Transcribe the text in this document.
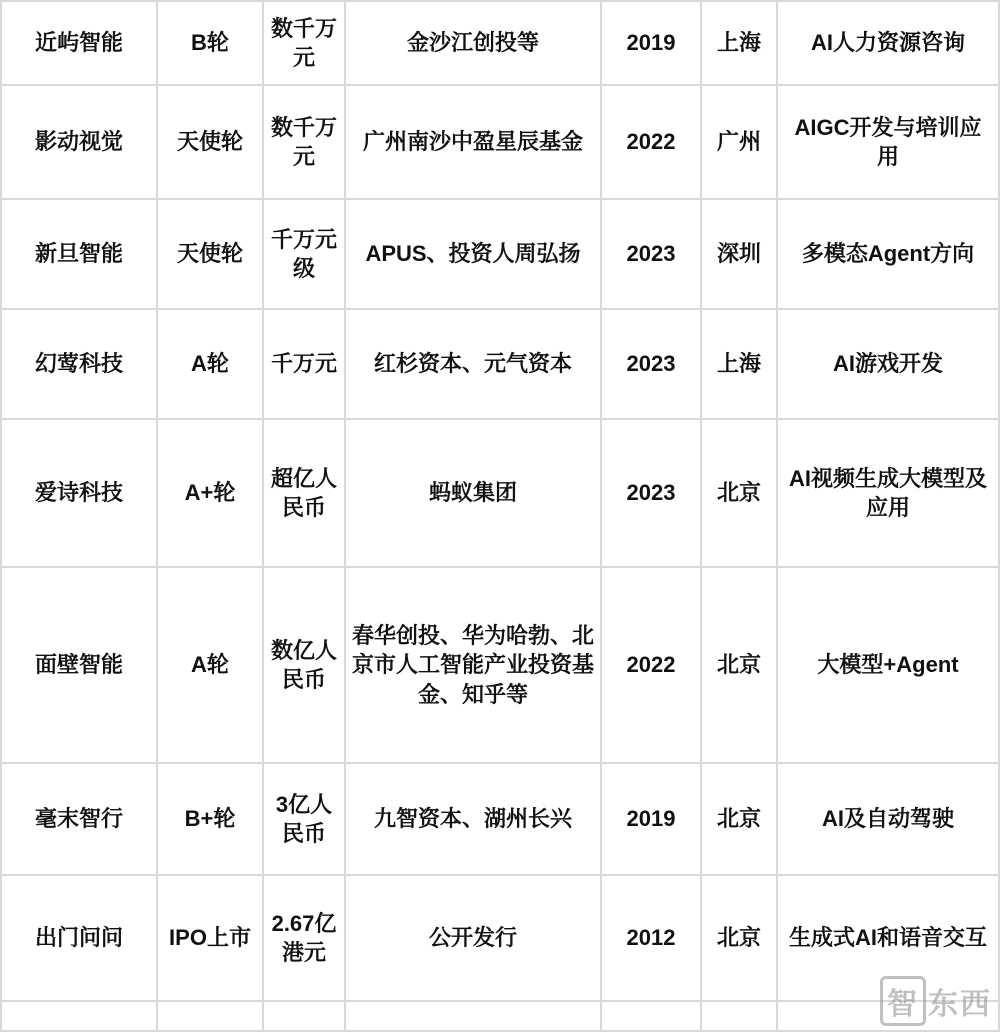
近屿智能	B轮	数千万元	金沙江创投等	2019	上海	AI人力资源咨询
影动视觉	天使轮	数千万元	广州南沙中盈星辰基金	2022	广州	AIGC开发与培训应用
新旦智能	天使轮	千万元级	APUS、投资人周弘扬	2023	深圳	多模态Agent方向
幻莺科技	A轮	千万元	红杉资本、元气资本	2023	上海	AI游戏开发
爱诗科技	A+轮	超亿人民币	蚂蚁集团	2023	北京	AI视频生成大模型及应用
面壁智能	A轮	数亿人民币	春华创投、华为哈勃、北京市人工智能产业投资基金、知乎等	2022	北京	大模型+Agent
毫末智行	B+轮	3亿人民币	九智资本、湖州长兴	2019	北京	AI及自动驾驶
出门问问	IPO上市	2.67亿港元	公开发行	2012	北京	生成式AI和语音交互

智 东西
